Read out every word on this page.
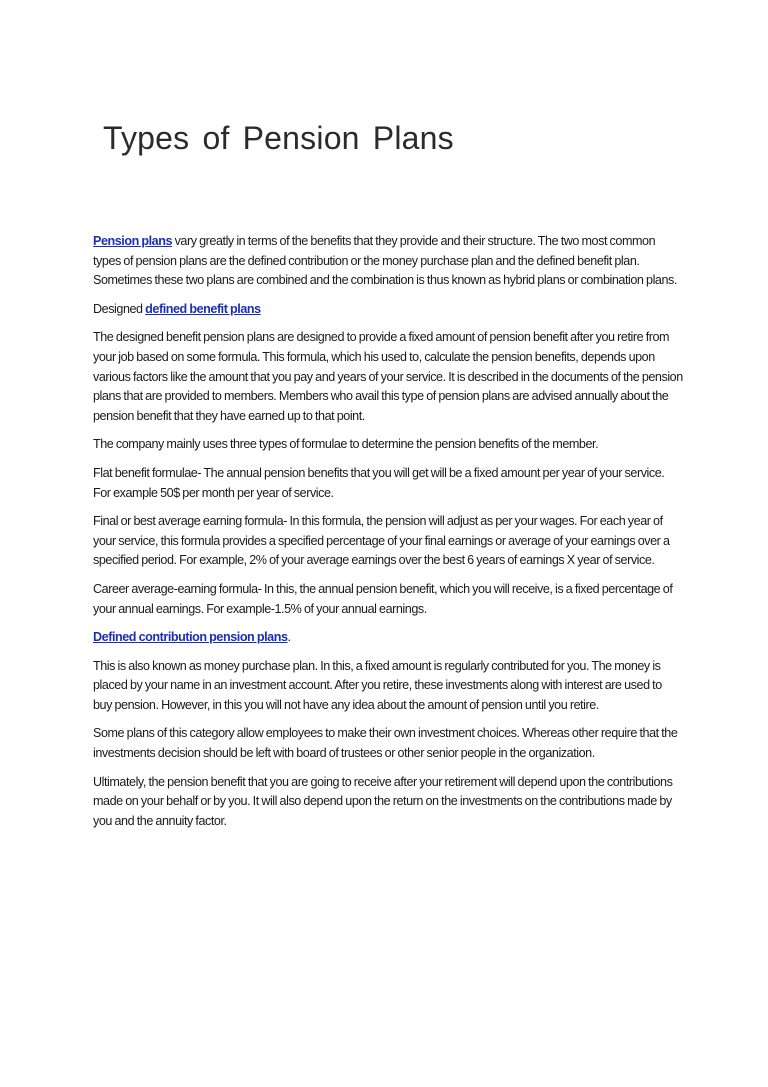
Types of Pension Plans

Pension plans vary greatly in terms of the benefits that they provide and their structure. The two most common types of pension plans are the defined contribution or the money purchase plan and the defined benefit plan. Sometimes these two plans are combined and the combination is thus known as hybrid plans or combination plans.

Designed defined benefit plans

The designed benefit pension plans are designed to provide a fixed amount of pension benefit after you retire from your job based on some formula. This formula, which his used to, calculate the pension benefits, depends upon various factors like the amount that you pay and years of your service. It is described in the documents of the pension plans that are provided to members. Members who avail this type of pension plans are advised annually about the pension benefit that they have earned up to that point.

The company mainly uses three types of formulae to determine the pension benefits of the member.

Flat benefit formulae- The annual pension benefits that you will get will be a fixed amount per year of your service. For example 50$ per month per year of service.

Final or best average earning formula- In this formula, the pension will adjust as per your wages. For each year of your service, this formula provides a specified percentage of your final earnings or average of your earnings over a specified period. For example, 2% of your average earnings over the best 6 years of earnings X year of service.

Career average-earning formula- In this, the annual pension benefit, which you will receive, is a fixed percentage of your annual earnings. For example-1.5% of your annual earnings.

Defined contribution pension plans.

This is also known as money purchase plan. In this, a fixed amount is regularly contributed for you. The money is placed by your name in an investment account. After you retire, these investments along with interest are used to buy pension. However, in this you will not have any idea about the amount of pension until you retire.

Some plans of this category allow employees to make their own investment choices. Whereas other require that the investments decision should be left with board of trustees or other senior people in the organization.

Ultimately, the pension benefit that you are going to receive after your retirement will depend upon the contributions made on your behalf or by you. It will also depend upon the return on the investments on the contributions made by you and the annuity factor.
